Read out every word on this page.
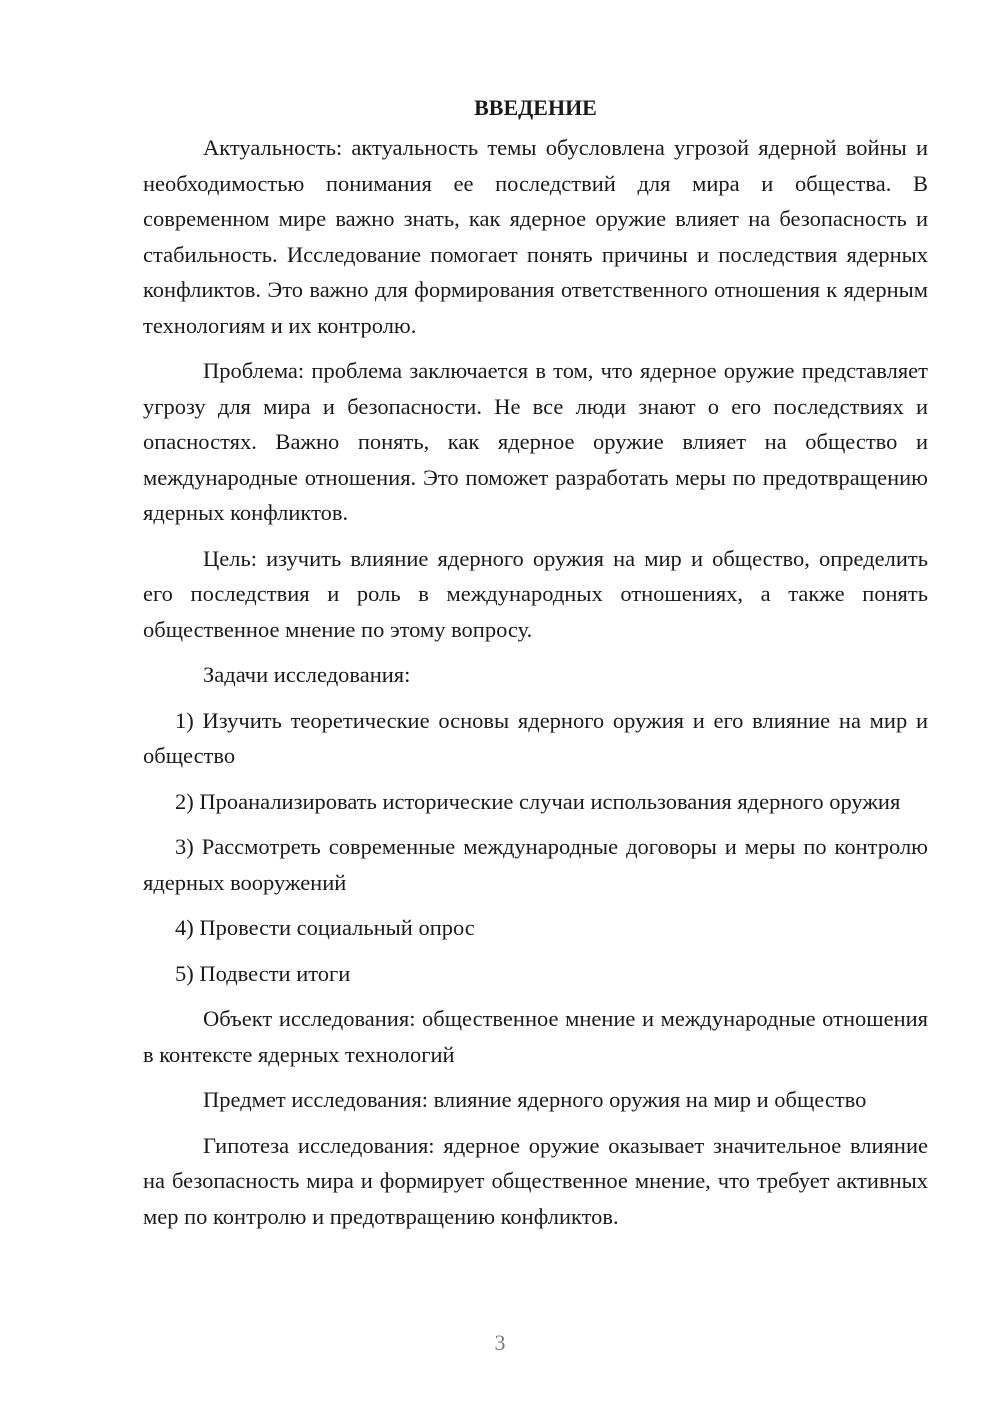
ВВЕДЕНИЕ

Актуальность: актуальность темы обусловлена угрозой ядерной войны и необходимостью понимания ее последствий для мира и общества. В современном мире важно знать, как ядерное оружие влияет на безопасность и стабильность. Исследование помогает понять причины и последствия ядерных конфликтов. Это важно для формирования ответственного отношения к ядерным технологиям и их контролю.

Проблема: проблема заключается в том, что ядерное оружие представляет угрозу для мира и безопасности. Не все люди знают о его последствиях и опасностях. Важно понять, как ядерное оружие влияет на общество и международные отношения. Это поможет разработать меры по предотвращению ядерных конфликтов.

Цель: изучить влияние ядерного оружия на мир и общество, определить его последствия и роль в международных отношениях, а также понять общественное мнение по этому вопросу.

Задачи исследования:

1) Изучить теоретические основы ядерного оружия и его влияние на мир и общество

2) Проанализировать исторические случаи использования ядерного оружия

3) Рассмотреть современные международные договоры и меры по контролю ядерных вооружений

4) Провести социальный опрос

5) Подвести итоги

Объект исследования: общественное мнение и международные отношения в контексте ядерных технологий

Предмет исследования: влияние ядерного оружия на мир и общество

Гипотеза исследования: ядерное оружие оказывает значительное влияние на безопасность мира и формирует общественное мнение, что требует активных мер по контролю и предотвращению конфликтов.

3
